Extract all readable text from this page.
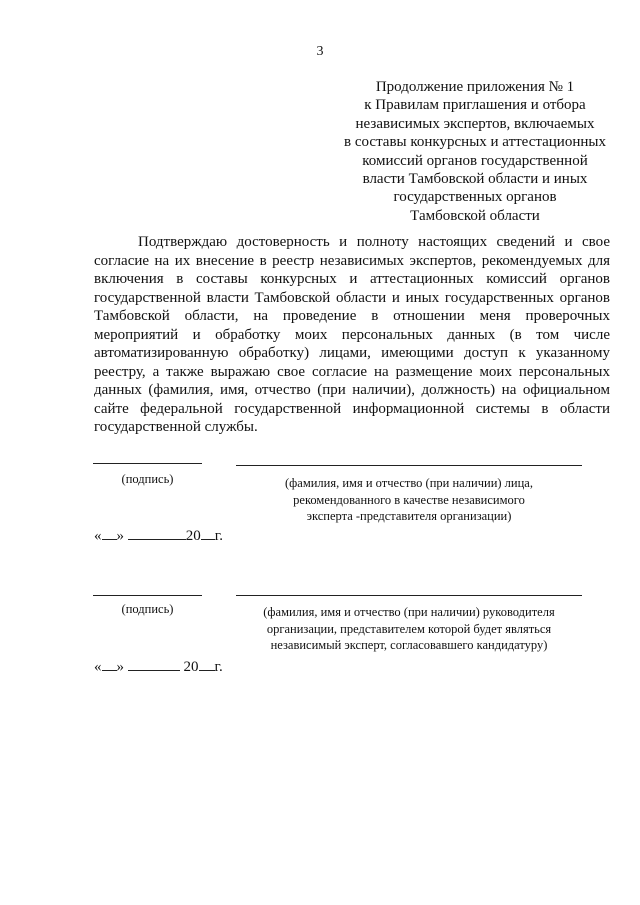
3
Продолжение приложения № 1
к Правилам приглашения и отбора
независимых экспертов, включаемых
в составы конкурсных и аттестационных
комиссий органов государственной
власти Тамбовской области и иных
государственных органов
Тамбовской области

Подтверждаю достоверность и полноту настоящих сведений и свое согласие на их внесение в реестр независимых экспертов, рекомендуемых для включения в составы конкурсных и аттестационных комиссий органов государственной власти Тамбовской области и иных государственных органов Тамбовской области, на проведение в отношении меня проверочных мероприятий и обработку моих персональных данных (в том числе автоматизированную обработку) лицами, имеющими доступ к указанному реестру, а также выражаю свое согласие на размещение моих персональных данных (фамилия, имя, отчество (при наличии), должность) на официальном сайте федеральной государственной информационной системы в области государственной службы.

(подпись)	(фамилия, имя и отчество (при наличии) лица,
рекомендованного в качестве независимого
эксперта -представителя организации)
« »	20 г.
(подпись)	(фамилия, имя и отчество (при наличии) руководителя
организации, представителем которой будет являться
независимый эксперт, согласовавшего кандидатуру)
« »	20 г.
